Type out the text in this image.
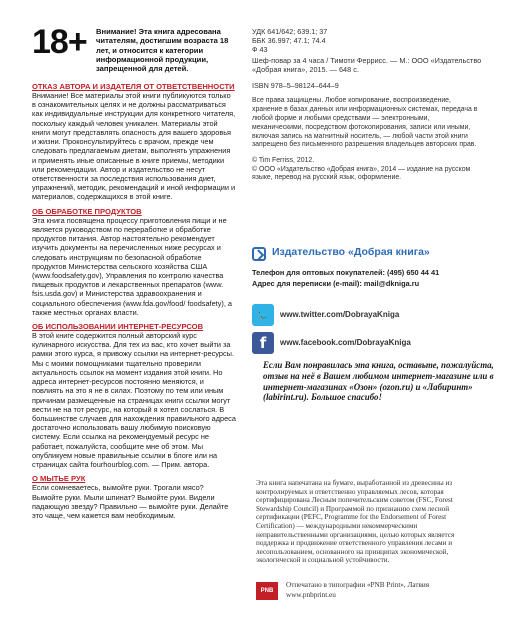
18+ Внимание! Эта книга адресована читателям, достигшим возраста 18 лет, и относится к категории информационной продукции, запрещенной для детей.

ОТКАЗ АВТОРА И ИЗДАТЕЛЯ ОТ ОТВЕТСТВЕННОСТИ

Внимание! Все материалы этой книги публикуются только в ознакомительных целях и не должны рассматриваться как индивидуальные инструкции для конкретного читателя, поскольку каждый человек уникален. Материалы этой книги могут представлять опасность для вашего здоровья и жизни. Проконсультируйтесь с врачом, прежде чем следовать предлагаемым диетам, выполнять упражнения и применять иные описанные в книге приемы, методики или рекомендации. Автор и издательство не несут ответственности за последствия использования диет, упражнений, методик, рекомендаций и иной информации и материалов, содержащихся в этой книге.

ОБ ОБРАБОТКЕ ПРОДУКТОВ

Эта книга посвящена процессу приготовления пищи и не является руководством по переработке и обработке продуктов питания. Автор настоятельно рекомендует изучить документы на перечисленных ниже ресурсах и следовать инструкциям по безопасной обработке продуктов Министерства сельского хозяйства США (www.foodsafety.gov), Управления по контролю качества пищевых продуктов и лекарственных препаратов (www. fsis.usda.gov) и Министерства здравоохранения и социального обеспечения (www.fda.gov/food/ foodsafety), а также местных органах власти.

ОБ ИСПОЛЬЗОВАНИИ ИНТЕРНЕТ-РЕСУРСОВ

В этой книге содержится полный авторский курс кулинарного искусства. Для тех из вас, кто хочет выйти за рамки этого курса, я привожу ссылки на интернет-ресурсы. Мы с моими помощниками тщательно проверили актуальность ссылок на момент издания этой книги. Но адреса интернет-ресурсов постоянно меняются, и повлиять на это я не в силах. Поэтому по тем или иным причинам размещенные на страницах книги ссылки могут вести не на тот ресурс, на который я хотел сослаться. В большинстве случаев для нахождения правильного адреса достаточно использовать вашу любимую поисковую систему. Если ссылка на рекомендуемый ресурс не работает, пожалуйста, сообщите мне об этом. Мы опубликуем новые правильные ссылки в блоге или на страницах сайта fourhourblog.com. — Прим. автора.

О МЫТЬЕ РУК

Если сомневаетесь, вымойте руки. Трогали мясо? Вымойте руки. Мыли шпинат? Вымойте руки. Видели падающую звезду? Правильно — вымойте руки. Делайте это чаще, чем кажется вам необходимым.

УДК 641/642; 639.1; 37

ББК 36.997; 47.1; 74.4

Ф 43

Шеф-повар за 4 часа / Тимоти Феррисс. — М.: ООО «Издательство «Добрая книга», 2015. — 648 с.

ISBN 978–5–98124–644–9

Все права защищены. Любое копирование, воспроизведение, хранение в базах данных или информационных системах, передача в любой форме и любыми средствами — электронными, механическими, посредством фотокопирования, записи или иными, включая запись на магнитный носитель, — любой части этой книги запрещено без письменного разрешения владельцев авторских прав.

© Tim Ferriss, 2012.
© ООО «Издательство «Добрая книга», 2014 — издание на русском языке, перевод на русский язык, оформление.

Издательство «Добрая книга»

Телефон для оптовых покупателей: (495) 650 44 41

Адрес для переписки (e-mail): mail@dkniga.ru

🐦	www.twitter.com/DobrayaKniga
f	www.facebook.com/DobrayaKniga
Если Вам понравилась эта книга, оставьте, пожалуйста, отзыв на неё в Вашем любимом интернет-магазине или в интернет-магазинах «Озон» (ozon.ru) и «Лабиринт» (labirint.ru). Большое спасибо!
Эта книга напечатана на бумаге, выработанной из древесины из контролируемых и ответственно управляемых лесов, которая сертифицирована Лесным попечительским советом (FSC, Forest Stewardship Council) и Программой по признанию схем лесной сертификации (PEFC, Programme for the Endorsement of Forest Certification) — международными некоммерческими неправительственными организациями, целью которых является поддержка и продвижение ответственного управления лесами и лесопользованием, основанного на принципах экономической, экологической и социальной устойчивости.
PNB
Отпечатано в типографии «PNB Print», Латвия
www.pnbprint.eu
